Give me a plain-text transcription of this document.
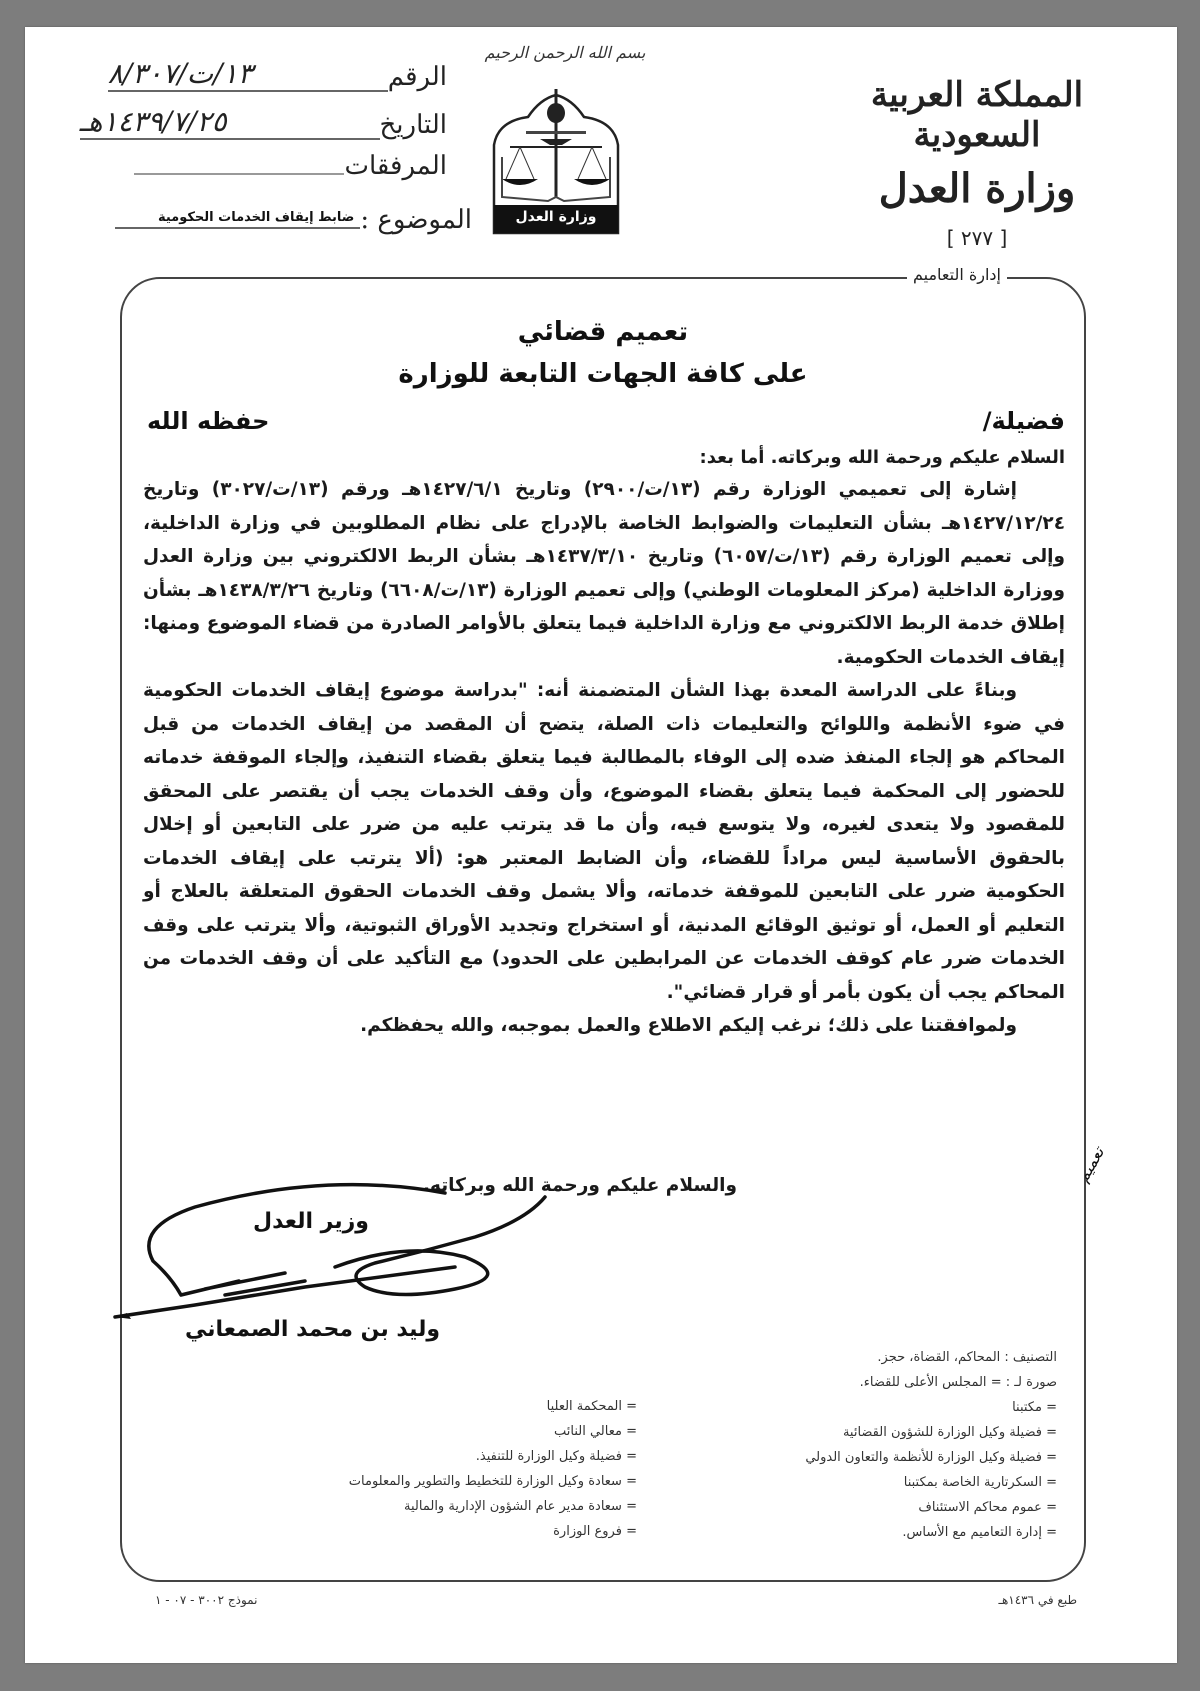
الرقم
١٣/ت/٨/٣٠٧
التاريخ
١٤٣٩/٧/٢٥هـ
المرفقات
الموضوع :
ضابط إيقاف الخدمات الحكومية
بسم الله الرحمن الرحيم
وزارة العدل
المملكة العربية السعودية
وزارة العدل
[ ٢٧٧ ]
إدارة التعاميم
تعميم قضائي
على كافة الجهات التابعة للوزارة
فضيلة/
حفظه الله
السلام عليكم ورحمة الله وبركاته. أما بعد:

إشارة إلى تعميمي الوزارة رقم (١٣/ت/٢٩٠٠) وتاريخ ١٤٢٧/٦/١هـ ورقم (١٣/ت/٣٠٢٧) وتاريخ ١٤٢٧/١٢/٢٤هـ بشأن التعليمات والضوابط الخاصة بالإدراج على نظام المطلوبين في وزارة الداخلية، وإلى تعميم الوزارة رقم (١٣/ت/٦٠٥٧) وتاريخ ١٤٣٧/٣/١٠هـ بشأن الربط الالكتروني بين وزارة العدل ووزارة الداخلية (مركز المعلومات الوطني) وإلى تعميم الوزارة (١٣/ت/٦٦٠٨) وتاريخ ١٤٣٨/٣/٢٦هـ بشأن إطلاق خدمة الربط الالكتروني مع وزارة الداخلية فيما يتعلق بالأوامر الصادرة من قضاء الموضوع ومنها: إيقاف الخدمات الحكومية.

وبناءً على الدراسة المعدة بهذا الشأن المتضمنة أنه: "بدراسة موضوع إيقاف الخدمات الحكومية في ضوء الأنظمة واللوائح والتعليمات ذات الصلة، يتضح أن المقصد من إيقاف الخدمات من قبل المحاكم هو إلجاء المنفذ ضده إلى الوفاء بالمطالبة فيما يتعلق بقضاء التنفيذ، وإلجاء الموقفة خدماته للحضور إلى المحكمة فيما يتعلق بقضاء الموضوع، وأن وقف الخدمات يجب أن يقتصر على المحقق للمقصود ولا يتعدى لغيره، ولا يتوسع فيه، وأن ما قد يترتب عليه من ضرر على التابعين أو إخلال بالحقوق الأساسية ليس مراداً للقضاء، وأن الضابط المعتبر هو: (ألا يترتب على إيقاف الخدمات الحكومية ضرر على التابعين للموقفة خدماته، وألا يشمل وقف الخدمات الحقوق المتعلقة بالعلاج أو التعليم أو العمل، أو توثيق الوقائع المدنية، أو استخراج وتجديد الأوراق الثبوتية، وألا يترتب على وقف الخدمات ضرر عام كوقف الخدمات عن المرابطين على الحدود) مع التأكيد على أن وقف الخدمات من المحاكم يجب أن يكون بأمر أو قرار قضائي".

ولموافقتنا على ذلك؛ نرغب إليكم الاطلاع والعمل بموجبه، والله يحفظكم.

والسلام عليكم ورحمة الله وبركاته.
تعميم
وزير العدل
وليد بن محمد الصمعاني
التصنيف : المحاكم، القضاة، حجز.
صورة لـ : = المجلس الأعلى للقضاء.
= مكتبنا
= فضيلة وكيل الوزارة للشؤون القضائية
= فضيلة وكيل الوزارة للأنظمة والتعاون الدولي
= السكرتارية الخاصة بمكتبنا
= عموم محاكم الاستئناف
= إدارة التعاميم مع الأساس.
= المحكمة العليا
= معالي النائب
= فضيلة وكيل الوزارة للتنفيذ.
= سعادة وكيل الوزارة للتخطيط والتطوير والمعلومات
= سعادة مدير عام الشؤون الإدارية والمالية
= فروع الوزارة
طبع في ١٤٣٦هـ
نموذج ٣٠٠٢ - ٠٧ - ١
